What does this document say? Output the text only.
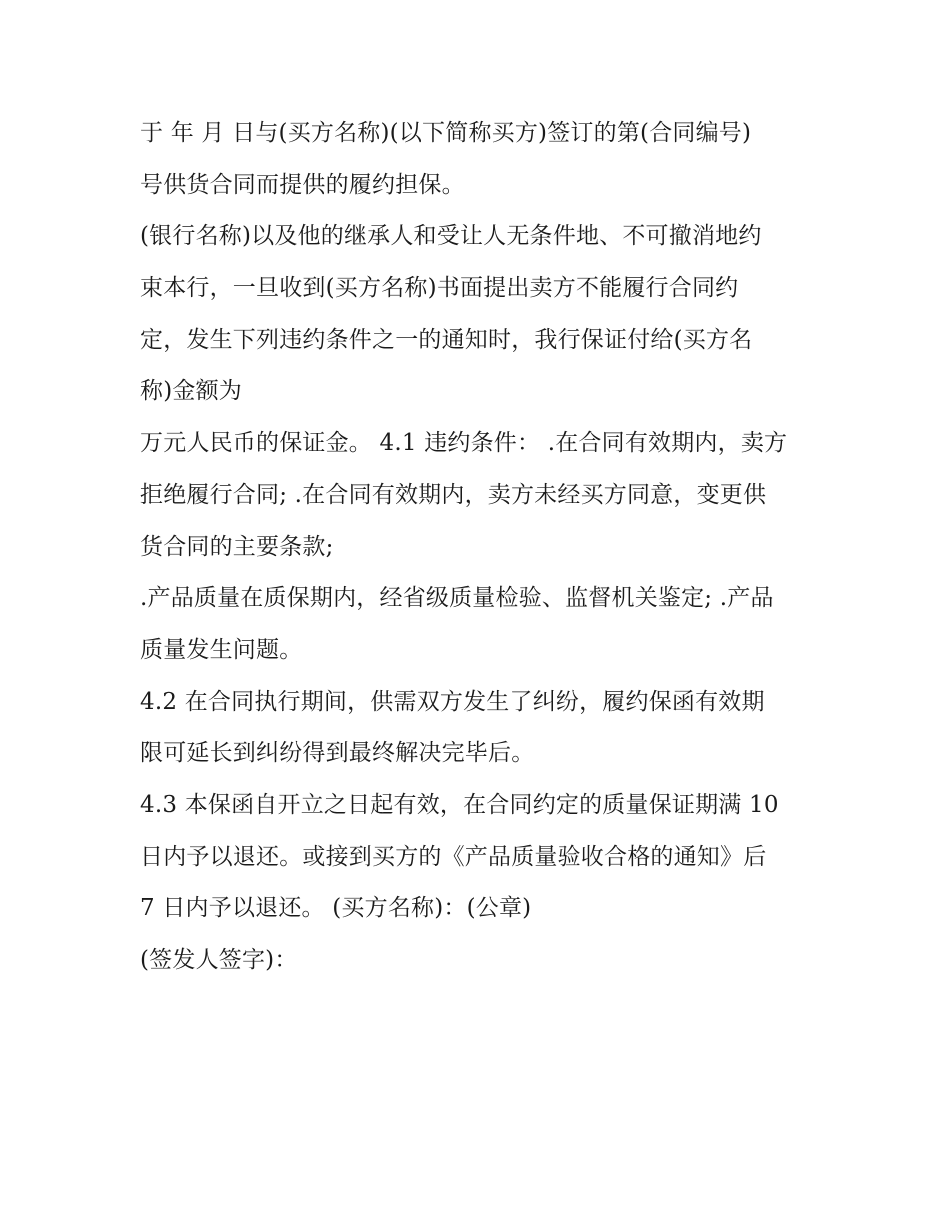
于 年 月 日与(买方名称)(以下简称买方)签订的第(合同编号)
号供货合同而提供的履约担保。
(银行名称)以及他的继承人和受让人无条件地、不可撤消地约
束本行，一旦收到(买方名称)书面提出卖方不能履行合同约
定，发生下列违约条件之一的通知时，我行保证付给(买方名
称)金额为
万元人民币的保证金。 4.1 违约条件： .在合同有效期内，卖方
拒绝履行合同; .在合同有效期内，卖方未经买方同意，变更供
货合同的主要条款;
.产品质量在质保期内，经省级质量检验、监督机关鉴定; .产品
质量发生问题。
4.2 在合同执行期间，供需双方发生了纠纷，履约保函有效期
限可延长到纠纷得到最终解决完毕后。
4.3 本保函自开立之日起有效，在合同约定的质量保证期满 10
日内予以退还。或接到买方的《产品质量验收合格的通知》后
7 日内予以退还。 (买方名称)：(公章)
(签发人签字)：
